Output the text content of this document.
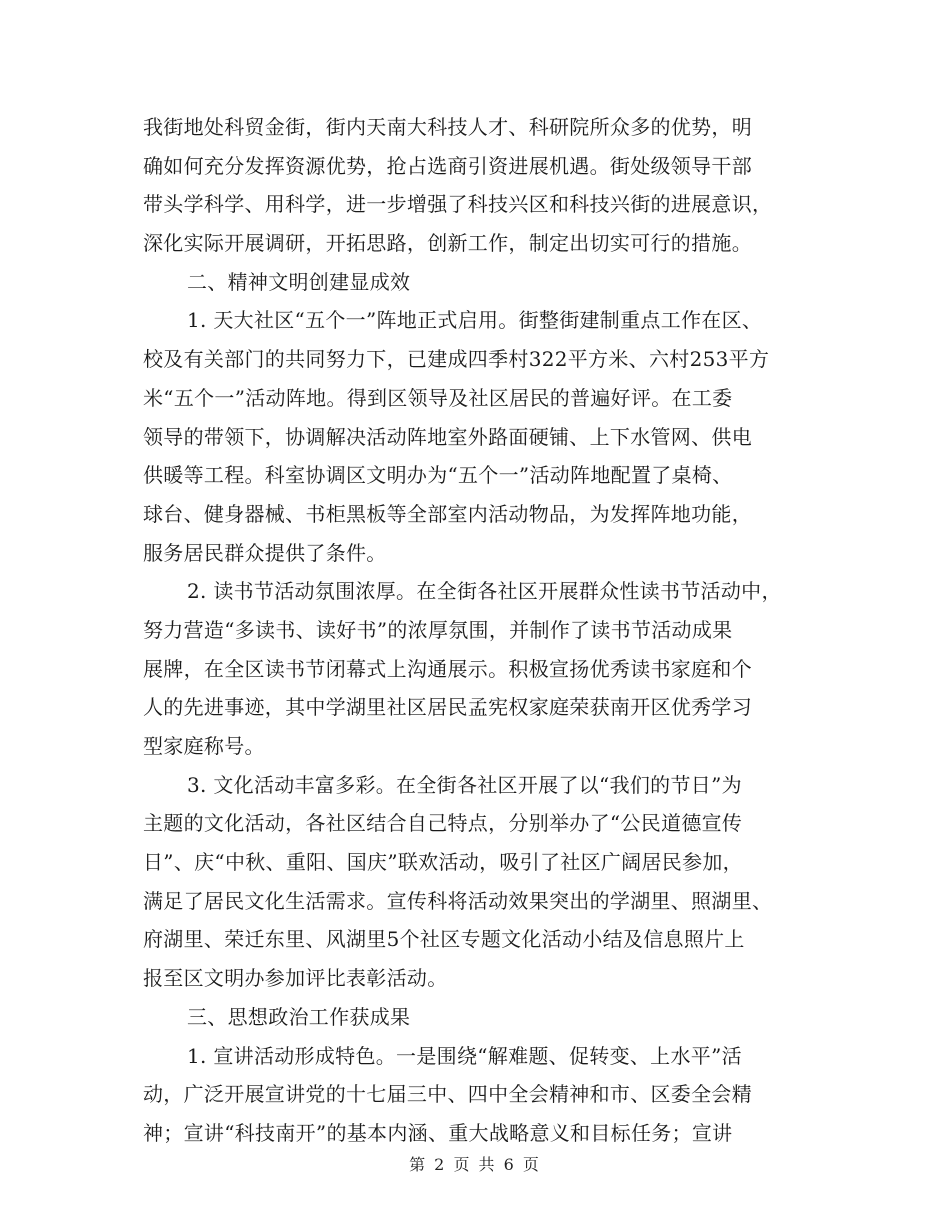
我街地处科贸金街，街内天南大科技人才、科研院所众多的优势，明
确如何充分发挥资源优势，抢占选商引资进展机遇。街处级领导干部
带头学科学、用科学，进一步增强了科技兴区和科技兴街的进展意识，
深化实际开展调研，开拓思路，创新工作，制定出切实可行的措施。
二、精神文明创建显成效
1. 天大社区“五个一”阵地正式启用。街整街建制重点工作在区、
校及有关部门的共同努力下，已建成四季村322平方米、六村253平方
米“五个一”活动阵地。得到区领导及社区居民的普遍好评。在工委
领导的带领下，协调解决活动阵地室外路面硬铺、上下水管网、供电
供暖等工程。科室协调区文明办为“五个一”活动阵地配置了桌椅、
球台、健身器械、书柜黑板等全部室内活动物品，为发挥阵地功能，
服务居民群众提供了条件。
2. 读书节活动氛围浓厚。在全街各社区开展群众性读书节活动中，
努力营造“多读书、读好书”的浓厚氛围，并制作了读书节活动成果
展牌，在全区读书节闭幕式上沟通展示。积极宣扬优秀读书家庭和个
人的先进事迹，其中学湖里社区居民孟宪权家庭荣获南开区优秀学习
型家庭称号。
3. 文化活动丰富多彩。在全街各社区开展了以“我们的节日”为
主题的文化活动，各社区结合自己特点，分别举办了“公民道德宣传
日”、庆“中秋、重阳、国庆”联欢活动，吸引了社区广阔居民参加，
满足了居民文化生活需求。宣传科将活动效果突出的学湖里、照湖里、
府湖里、荣迁东里、风湖里5个社区专题文化活动小结及信息照片上
报至区文明办参加评比表彰活动。
三、思想政治工作获成果
1. 宣讲活动形成特色。一是围绕“解难题、促转变、上水平”活
动，广泛开展宣讲党的十七届三中、四中全会精神和市、区委全会精
神；宣讲“科技南开”的基本内涵、重大战略意义和目标任务；宣讲
第 2 页 共 6 页
